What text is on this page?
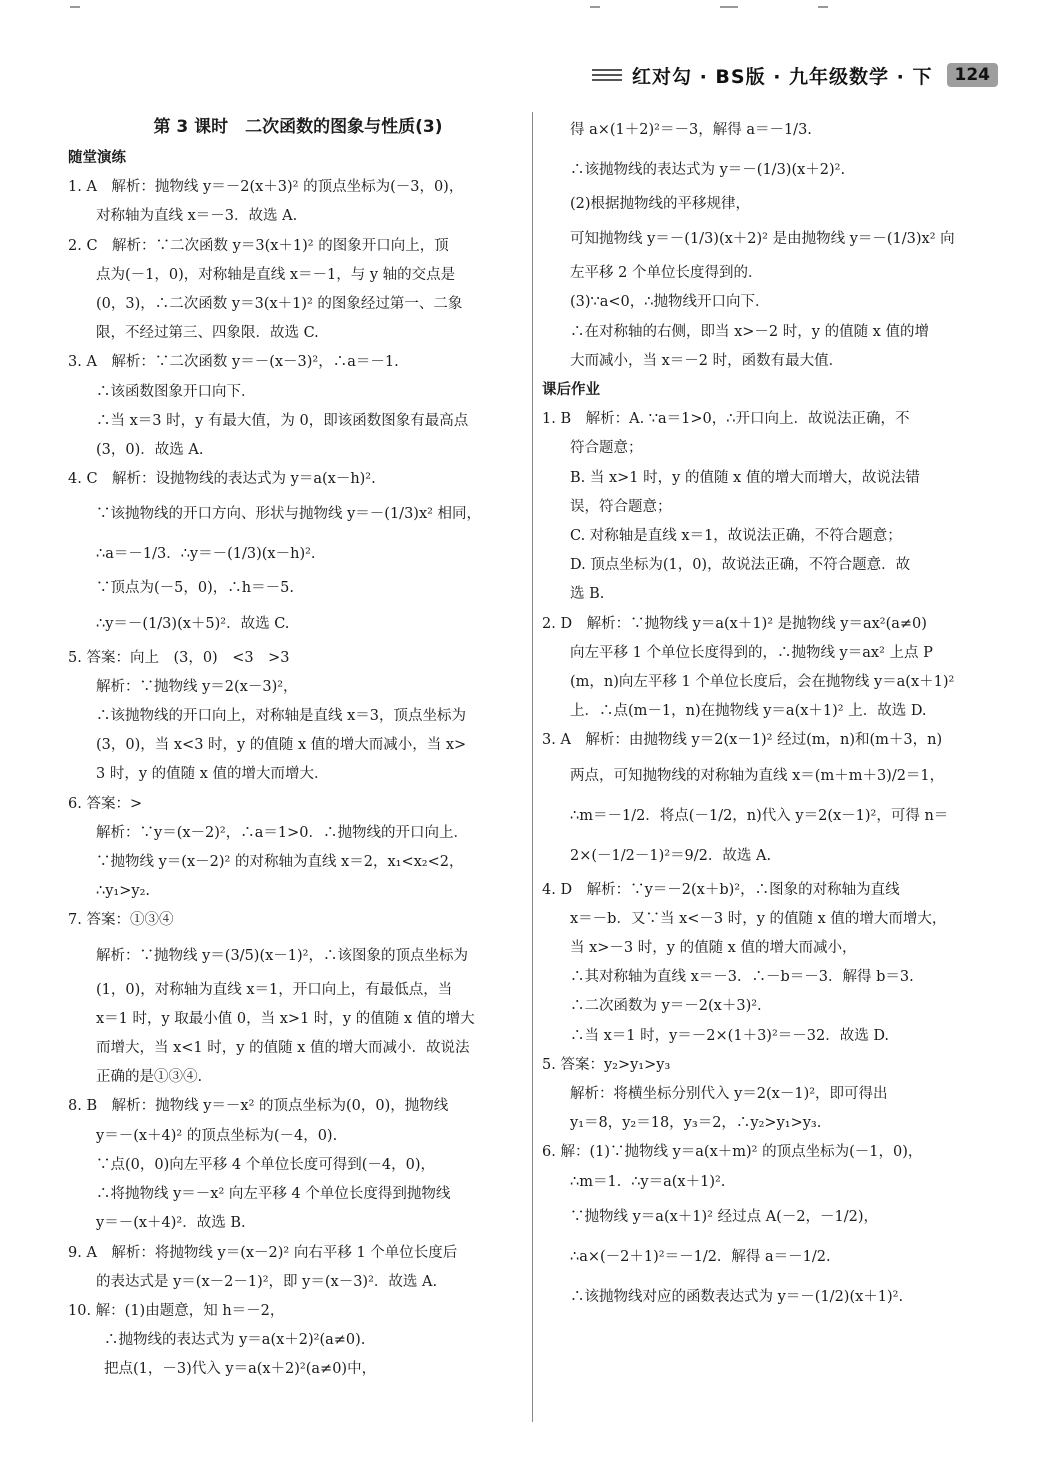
红对勾 · BS版 · 九年级数学 · 下	124
第 3 课时　二次函数的图象与性质(3)
随堂演练
1. A　解析：抛物线 y＝－2(x＋3)² 的顶点坐标为(－3，0)，
对称轴为直线 x＝－3．故选 A.
2. C　解析：∵二次函数 y＝3(x＋1)² 的图象开口向上，顶
点为(－1，0)，对称轴是直线 x＝－1，与 y 轴的交点是
(0，3)，∴二次函数 y＝3(x＋1)² 的图象经过第一、二象
限，不经过第三、四象限．故选 C.
3. A　解析：∵二次函数 y＝－(x－3)²，∴a＝－1.
∴该函数图象开口向下．
∴当 x＝3 时，y 有最大值，为 0，即该函数图象有最高点
(3，0)．故选 A.
4. C　解析：设抛物线的表达式为 y＝a(x－h)².
∵该抛物线的开口方向、形状与抛物线 y＝－(1/3)x² 相同，
∴a＝－1/3．∴y＝－(1/3)(x－h)².
∵顶点为(－5，0)，∴h＝－5.
∴y＝－(1/3)(x＋5)²．故选 C.
5. 答案：向上　(3，0)　<3　>3
解析：∵抛物线 y＝2(x－3)²，
∴该抛物线的开口向上，对称轴是直线 x＝3，顶点坐标为
(3，0)，当 x<3 时，y 的值随 x 值的增大而减小，当 x>
3 时，y 的值随 x 值的增大而增大．
6. 答案：>
解析：∵y＝(x－2)²，∴a＝1>0．∴抛物线的开口向上．
∵抛物线 y＝(x－2)² 的对称轴为直线 x＝2，x₁<x₂<2，
∴y₁>y₂.
7. 答案：①③④
解析：∵抛物线 y＝(3/5)(x－1)²，∴该图象的顶点坐标为
(1，0)，对称轴为直线 x＝1，开口向上，有最低点，当
x＝1 时，y 取最小值 0，当 x>1 时，y 的值随 x 值的增大
而增大，当 x<1 时，y 的值随 x 值的增大而减小．故说法
正确的是①③④.
8. B　解析：抛物线 y＝－x² 的顶点坐标为(0，0)，抛物线
y＝－(x＋4)² 的顶点坐标为(－4，0).
∵点(0，0)向左平移 4 个单位长度可得到(－4，0)，
∴将抛物线 y＝－x² 向左平移 4 个单位长度得到抛物线
y＝－(x＋4)²．故选 B.
9. A　解析：将抛物线 y＝(x－2)² 向右平移 1 个单位长度后
的表达式是 y＝(x－2－1)²，即 y＝(x－3)²．故选 A.
10. 解：(1)由题意，知 h＝－2，
∴抛物线的表达式为 y＝a(x＋2)²(a≠0).
把点(1，－3)代入 y＝a(x＋2)²(a≠0)中，
得 a×(1＋2)²＝－3，解得 a＝－1/3.
∴该抛物线的表达式为 y＝－(1/3)(x＋2)².
(2)根据抛物线的平移规律，
可知抛物线 y＝－(1/3)(x＋2)² 是由抛物线 y＝－(1/3)x² 向
左平移 2 个单位长度得到的．
(3)∵a<0，∴抛物线开口向下．
∴在对称轴的右侧，即当 x>－2 时，y 的值随 x 值的增
大而减小，当 x＝－2 时，函数有最大值．
课后作业
1. B　解析：A. ∵a＝1>0，∴开口向上．故说法正确，不
符合题意；
B. 当 x>1 时，y 的值随 x 值的增大而增大，故说法错
误，符合题意；
C. 对称轴是直线 x＝1，故说法正确，不符合题意；
D. 顶点坐标为(1，0)，故说法正确，不符合题意．故
选 B.
2. D　解析：∵抛物线 y＝a(x＋1)² 是抛物线 y＝ax²(a≠0)
向左平移 1 个单位长度得到的，∴抛物线 y＝ax² 上点 P
(m，n)向左平移 1 个单位长度后，会在抛物线 y＝a(x＋1)²
上．∴点(m－1，n)在抛物线 y＝a(x＋1)² 上．故选 D.
3. A　解析：由抛物线 y＝2(x－1)² 经过(m，n)和(m＋3，n)
两点，可知抛物线的对称轴为直线 x＝(m＋m＋3)/2＝1，
∴m＝－1/2．将点(－1/2，n)代入 y＝2(x－1)²，可得 n＝
2×(－1/2－1)²＝9/2．故选 A.
4. D　解析：∵y＝－2(x＋b)²，∴图象的对称轴为直线
x＝－b．又∵当 x<－3 时，y 的值随 x 值的增大而增大，
当 x>－3 时，y 的值随 x 值的增大而减小，
∴其对称轴为直线 x＝－3．∴－b＝－3．解得 b＝3.
∴二次函数为 y＝－2(x＋3)².
∴当 x＝1 时，y＝－2×(1＋3)²＝－32．故选 D.
5. 答案：y₂>y₁>y₃
解析：将横坐标分别代入 y＝2(x－1)²，即可得出
y₁＝8，y₂＝18，y₃＝2，∴y₂>y₁>y₃.
6. 解：(1)∵抛物线 y＝a(x＋m)² 的顶点坐标为(－1，0)，
∴m＝1．∴y＝a(x＋1)².
∵抛物线 y＝a(x＋1)² 经过点 A(－2，－1/2)，
∴a×(－2＋1)²＝－1/2．解得 a＝－1/2.
∴该抛物线对应的函数表达式为 y＝－(1/2)(x＋1)².
